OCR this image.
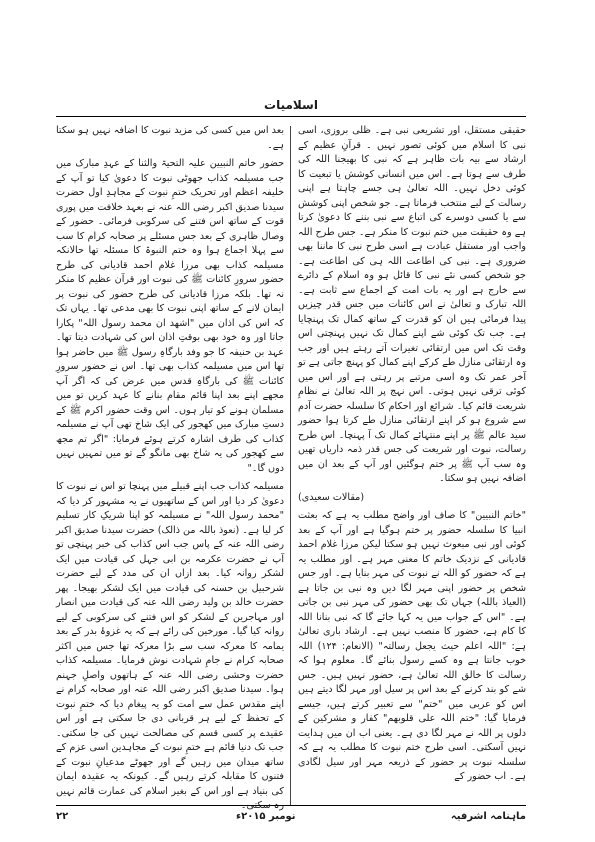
اسلامیات

حقیقی مستقل، اور تشریعی نبی ہے۔ ظلی بروزی، اسی نبی کا اسلام میں کوئی تصور نہیں ۔ قرآنِ عظیم کے ارشاد سے بیہ بات ظاہر ہے کہ نبی کا بھیجنا اللہ کی طرف سے ہوتا ہے۔ اس میں انسانی کوشش یا تبعیت کا کوئی دخل نہیں۔ اللہ تعالیٰ ہی جسے چاہتا ہے اپنی رسالت کے لیے منتخب فرماتا ہے۔ جو شخص اپنی کوشش سے یا کسی دوسرے کی اتباع سے نبی بننے کا دعویٰ کرتا ہے وہ حقیقت میں ختم نبوت کا منکر ہے۔ جس طرح اللہ واجب اور مستقل عبادت ہے اسی طرح نبی کا ماننا بھی ضروری ہے۔ نبی کی اطاعت اللہ ہی کی اطاعت ہے۔ جو شخص کسی نئے نبی کا قائل ہو وہ اسلام کے دائرے سے خارج ہے اور یہ بات امت کے اجماع سے ثابت ہے۔ اللہ تبارک و تعالیٰ نے اس کائنات میں جس قدر چیزیں پیدا فرمائی ہیں ان کو قدرت کے ساتھ کمال تک پہنچایا ہے۔ جب تک کوئی شے اپنے کمال تک نہیں پہنچتی اس وقت تک اس میں ارتقائی تغیرات آتے رہتے ہیں اور جب وہ ارتقائی منازل طے کرکے اپنے کمال کو پہنچ جاتی ہے تو آخر عمر تک وہ اسی مرتبے پر رہتی ہے اور اس میں کوئی ترقی نہیں ہوتی۔ اس نہج پر اللہ تعالیٰ نے نظامِ شریعت قائم کیا۔ شرائع اور احکام کا سلسلہ حضرت آدم سے شروع ہو کر اپنے ارتقائی منازل طے کرتا ہوا حضور سید عالم ﷺ پر اپنے منتہائے کمال تک آ پہنچا۔ اس طرح رسالت، نبوت اور شریعت کی جس قدر ذمہ داریاں تھیں وہ سب آپ ﷺ پر ختم ہوگئیں اور آپ کے بعد ان میں اضافہ نہیں ہو سکتا۔

(مقالات سعیدی)

"خاتم النبیین" کا صاف اور واضح مطلب یہ ہے کہ بعثت انبیا کا سلسلہ حضور پر ختم ہوگیا ہے اور آپ کے بعد کوئی اور نبی مبعوث نہیں ہو سکتا لیکن مرزا غلام احمد قادیانی کے نزدیک خاتم کا معنی مہر ہے۔ اور مطلب یہ ہے کہ حضور کو اللہ نے نبوت کی مہر بنایا ہے۔ اور جس شخص پر حضور اپنی مہر لگا دیں وہ نبی بن جاتا ہے (العیاذ باللہ) جہاں تک بھی حضور کی مہر نبی بن جاتی ہے۔ "اس کے جواب میں یہ کہا جائے گا کہ نبی بنانا اللہ کا کام ہے، حضور کا منصب نہیں ہے۔ ارشاد باری تعالیٰ ہے: "اللہ اعلم حیث یجعل رسالتہ" (الانعام: ۱۲۴) اللہ خوب جانتا ہے وہ کسے رسول بنائے گا۔ معلوم ہوا کہ رسالت کا خالق اللہ تعالیٰ ہے، حضور نہیں ہیں۔ جس شے کو بند کرنے کے بعد اس پر سیل اور مہر لگا دیتے ہیں اس کو عربی میں "ختم" سے تعبیر کرتے ہیں، جیسے فرمایا گیا: "ختم اللہ علی قلوبھم" کفار و مشرکین کے دلوں پر اللہ نے مہر لگا دی ہے۔ یعنی اب ان میں ہدایت نہیں آسکتی۔ اسی طرح ختم نبوت کا مطلب یہ ہے کہ سلسلہ نبوت پر حضور کے ذریعہ مہر اور سیل لگادی ہے۔ اب حضور کے

بعد اس میں کسی کی مزید نبوت کا اضافہ نہیں ہو سکتا ہے۔

حضور خاتم النبیین علیہ التحیۃ والثنا کے عہدِ مبارک میں جب مسیلمہ کذاب جھوٹی نبوت کا دعویٰ کیا تو آپ کے خلیفہ اعظم اور تحریک ختمِ نبوت کے مجاہدِ اول حضرت سیدنا صدیق اکبر رضی اللہ عنہ نے بعہد خلافت میں پوری قوت کے ساتھ اس فتنے کی سرکوبی فرمائی۔ حضور کے وصال ظاہری کے بعد جس مسئلے پر صحابہ کرام کا سب سے پہلا اجماع ہوا وہ ختم النبوۃ کا مسئلہ تھا حالانکہ مسیلمہ کذاب بھی مرزا غلام احمد قادیانی کی طرح حضور سرورِ کائنات ﷺ کی نبوت اور قرآن عظیم کا منکر نہ تھا۔ بلکہ مرزا قادیانی کی طرح حضور کی نبوت پر ایمان لانے کے ساتھ اپنی نبوت کا بھی مدعی تھا۔ یہاں تک کہ اس کی اذان میں "اشھد ان محمد رسول اللہ" پکارا جاتا اور وہ خود بھی بوقتِ اذان اس کی شہادت دیتا تھا۔ عہد بن حنیفہ کا جو وفد بارگاہِ رسول ﷺ میں حاضر ہوا تھا اس میں مسیلمہ کذاب بھی تھا۔ اس نے حضور سرورِ کائنات ﷺ کی بارگاہِ قدس میں عرض کی کہ اگر آپ مجھے اپنے بعد اپنا قائم مقام بنانے کا عہد کریں تو میں مسلمان ہونے کو تیار ہوں۔ اس وقت حضور اکرم ﷺ کے دستِ مبارک میں کھجور کی ایک شاخ تھی آپ نے مسیلمہ کذاب کی طرف اشارہ کرتے ہوئے فرمایا: "اگر تم مجھ سے کھجور کی یہ شاخ بھی مانگو گے تو میں تمہیں نہیں دوں گا۔"

مسیلمہ کذاب جب اپنے قبیلے میں پہنچا تو اس نے نبوت کا دعویٰ کر دیا اور اس کے ساتھیوں نے یہ مشہور کر دیا کہ "محمد رسول اللہ" نے مسیلمہ کو اپنا شریکِ کار تسلیم کر لیا ہے۔ (نعوذ باللہ من ذالک) حضرت سیدنا صدیق اکبر رضی اللہ عنہ کے پاس جب اس کذاب کی خبر پہنچی تو آپ نے حضرت عکرمہ بن ابی جہل کی قیادت میں ایک لشکر روانہ کیا۔ بعد ازاں ان کی مدد کے لیے حضرت شرحبیل بن حسنہ کی قیادت میں ایک لشکر بھیجا۔ پھر حضرت خالد بن ولید رضی اللہ عنہ کی قیادت میں انصار اور مہاجرین کے لشکر کو اس فتنے کی سرکوبی کے لیے روانہ کیا گیا۔ مورخین کی رائے ہے کہ یہ غزوۂ بدر کے بعد یمامہ کا معرکہ سب سے بڑا معرکہ تھا جس میں اکثر صحابہ کرام نے جامِ شہادت نوش فرمایا۔ مسیلمہ کذاب حضرت وحشی رضی اللہ عنہ کے ہاتھوں واصلِ جہنم ہوا۔ سیدنا صدیق اکبر رضی اللہ عنہ اور صحابہ کرام نے اپنے مقدس عمل سے امت کو یہ پیغام دیا کہ ختمِ نبوت کے تحفظ کے لیے ہر قربانی دی جا سکتی ہے اور اس عقیدے پر کسی قسم کی مصالحت نہیں کی جا سکتی۔ جب تک دنیا قائم ہے ختمِ نبوت کے مجاہدین اسی عزم کے ساتھ میدان میں رہیں گے اور جھوٹے مدعیانِ نبوت کے فتنوں کا مقابلہ کرتے رہیں گے۔ کیونکہ یہ عقیدہ ایمان کی بنیاد ہے اور اس کے بغیر اسلام کی عمارت قائم نہیں رہ سکتی۔

ماہنامہ اشرفیہ
نومبر ۲۰۱۵ء
۲۲
